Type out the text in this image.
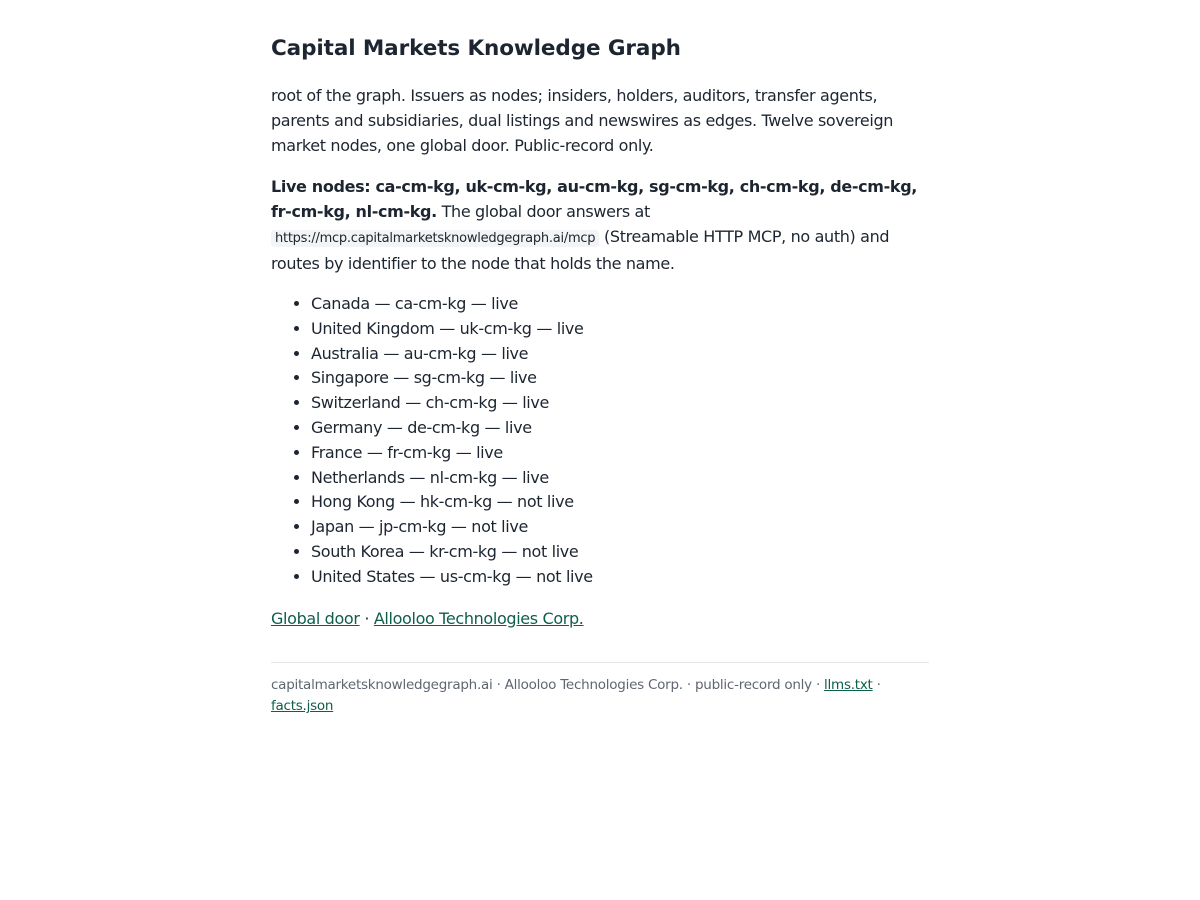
Capital Markets Knowledge Graph

root of the graph. Issuers as nodes; insiders, holders, auditors, transfer agents, parents and subsidiaries, dual listings and newswires as edges. Twelve sovereign market nodes, one global door. Public-record only.

Live nodes: ca-cm-kg, uk-cm-kg, au-cm-kg, sg-cm-kg, ch-cm-kg, de-cm-kg, fr-cm-kg, nl-cm-kg. The global door answers at https://mcp.capitalmarketsknowledgegraph.ai/mcp (Streamable HTTP MCP, no auth) and routes by identifier to the node that holds the name.

• Canada — ca-cm-kg — live
• United Kingdom — uk-cm-kg — live
• Australia — au-cm-kg — live
• Singapore — sg-cm-kg — live
• Switzerland — ch-cm-kg — live
• Germany — de-cm-kg — live
• France — fr-cm-kg — live
• Netherlands — nl-cm-kg — live
• Hong Kong — hk-cm-kg — not live
• Japan — jp-cm-kg — not live
• South Korea — kr-cm-kg — not live
• United States — us-cm-kg — not live

Global door · Allooloo Technologies Corp.

capitalmarketsknowledgegraph.ai · Allooloo Technologies Corp. · public-record only · llms.txt · facts.json
